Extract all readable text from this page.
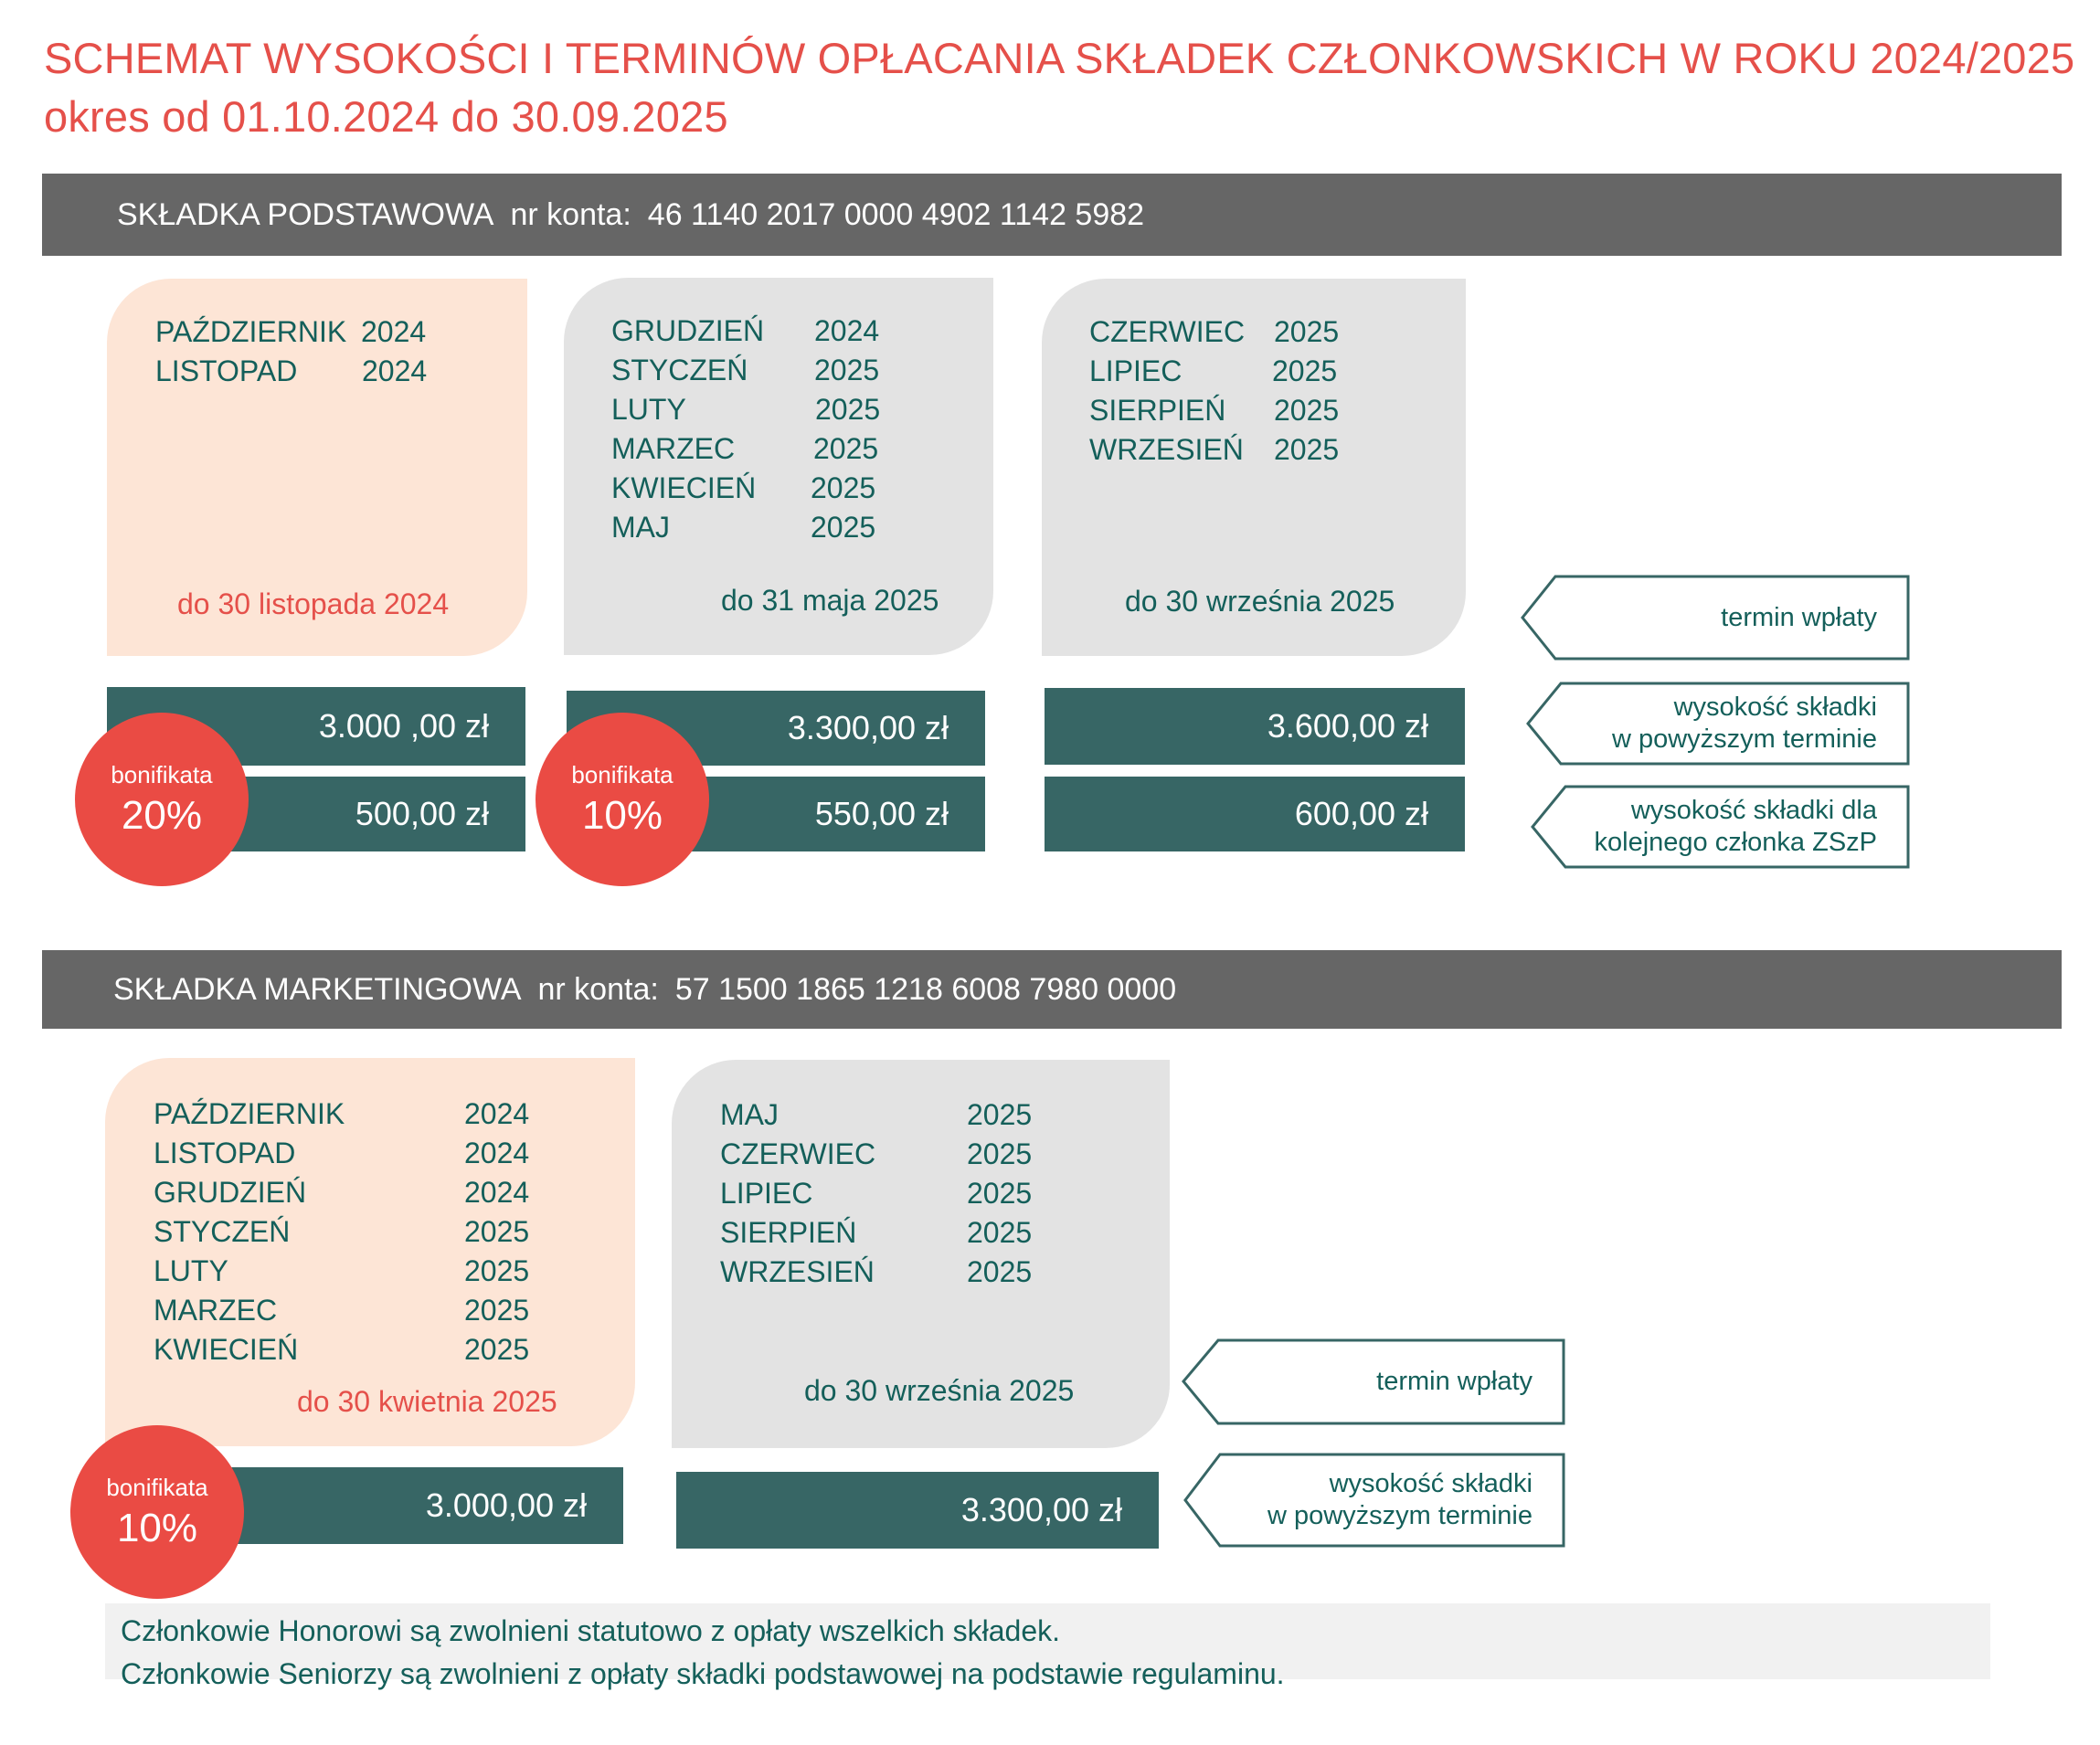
SCHEMAT WYSOKOŚCI I TERMINÓW OPŁACANIA SKŁADEK CZŁONKOWSKICH W ROKU 2024/2025
okres od 01.10.2024 do 30.09.2025
SKŁADKA PODSTAWOWA nr konta: 46 1140 2017 0000 4902 1142 5982
PAŹDZIERNIK 2024
LISTOPAD 2024
do 30 listopada 2024
GRUDZIEŃ 2024
STYCZEŃ 2025
LUTY	2025
MARZEC	2025
KWIECIEŃ 2025
MAJ	2025
do 31 maja 2025
CZERWIEC 2025
LIPIEC	2025
SIERPIEŃ 2025
WRZESIEŃ 2025
do 30 września 2025
3.000 ,00 zł
500,00 zł
3.300,00 zł
550,00 zł
3.600,00 zł
600,00 zł
bonifikata
20%
bonifikata
10%
termin wpłaty
wysokość składki
w powyższym terminie
wysokość składki dla
kolejnego członka ZSzP
SKŁADKA MARKETINGOWA nr konta: 57 1500 1865 1218 6008 7980 0000
PAŹDZIERNIK	2024
LISTOPAD	2024
GRUDZIEŃ	2024
STYCZEŃ	2025
LUTY	2025
MARZEC	2025
KWIECIEŃ	2025
do 30 kwietnia 2025
MAJ	2025
CZERWIEC	2025
LIPIEC	2025
SIERPIEŃ	2025
WRZESIEŃ	2025
do 30 września 2025
3.000,00 zł	3.300,00 zł
bonifikata
10%
termin wpłaty
wysokość składki
w powyższym terminie
Członkowie Honorowi są zwolnieni statutowo z opłaty wszelkich składek.
Członkowie Seniorzy są zwolnieni z opłaty składki podstawowej na podstawie regulaminu.
